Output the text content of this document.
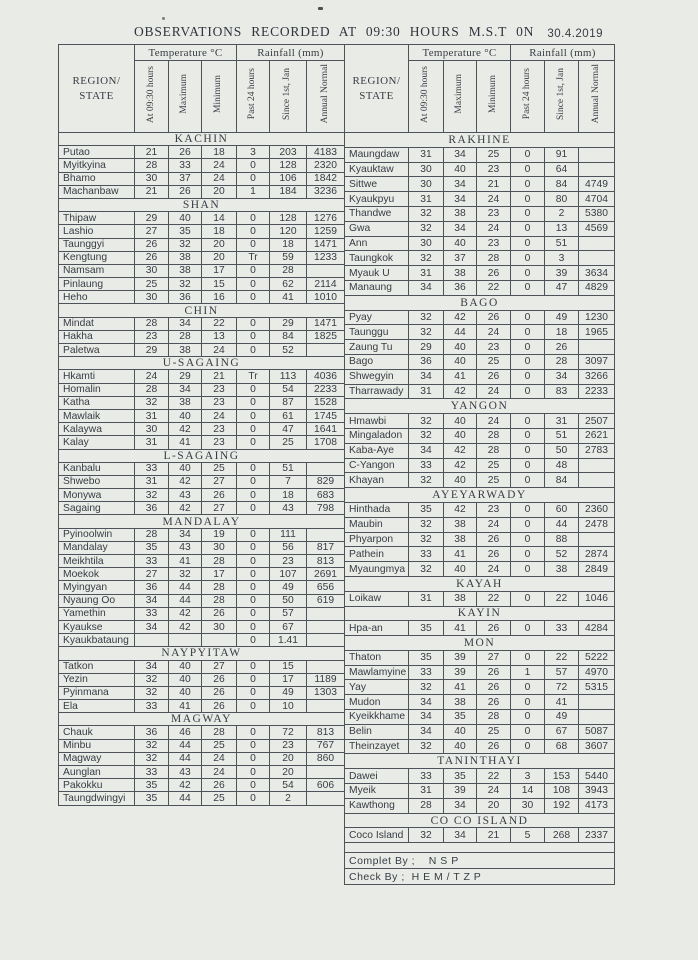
OBSERVATIONS RECORDED AT 09:30 HOURS M.S.T 0N 30.4.2019
REGION/
STATE	Temperature °C			Rainfall (mm)		
	At 09:30 hours	Maximum	Minimum	Past 24 hours	Since 1st, Jan	Annual Normal
KACHIN						
Putao	21	26	18	3	203	4183
Myitkyina	28	33	24	0	128	2320
Bhamo	30	37	24	0	106	1842
Machanbaw	21	26	20	1	184	3236
SHAN						
Thipaw	29	40	14	0	128	1276
Lashio	27	35	18	0	120	1259
Taunggyi	26	32	20	0	18	1471
Kengtung	26	38	20	Tr	59	1233
Namsam	30	38	17	0	28	
Pinlaung	25	32	15	0	62	2114
Heho	30	36	16	0	41	1010
CHIN						
Mindat	28	34	22	0	29	1471
Hakha	23	28	13	0	84	1825
Paletwa	29	38	24	0	52	
U-SAGAING						
Hkamti	24	29	21	Tr	113	4036
Homalin	28	34	23	0	54	2233
Katha	32	38	23	0	87	1528
Mawlaik	31	40	24	0	61	1745
Kalaywa	30	42	23	0	47	1641
Kalay	31	41	23	0	25	1708
L-SAGAING						
Kanbalu	33	40	25	0	51	
Shwebo	31	42	27	0	7	829
Monywa	32	43	26	0	18	683
Sagaing	36	42	27	0	43	798
MANDALAY						
Pyinoolwin	28	34	19	0	111	
Mandalay	35	43	30	0	56	817
Meikhtila	33	41	28	0	23	813
Moekok	27	32	17	0	107	2691
Myingyan	36	44	28	0	49	656
Nyaung Oo	34	44	28	0	50	619
Yamethin	33	42	26	0	57	
Kyaukse	34	42	30	0	67	
Kyaukbataung				0	1.41	
NAYPYITAW						
Tatkon	34	40	27	0	15	
Yezin	32	40	26	0	17	1189
Pyinmana	32	40	26	0	49	1303
Ela	33	41	26	0	10	
MAGWAY						
Chauk	36	46	28	0	72	813
Minbu	32	44	25	0	23	767
Magway	32	44	24	0	20	860
Aunglan	33	43	24	0	20	
Pakokku	35	42	26	0	54	606
Taungdwingyi	35	44	25	0	2	
REGION/
STATE	Temperature °C			Rainfall (mm)		
	At 09:30 hours	Maximum	Minimum	Past 24 hours	Since 1st, Jan	Annual Normal
RAKHINE						
Maungdaw	31	34	25	0	91	
Kyauktaw	30	40	23	0	64	
Sittwe	30	34	21	0	84	4749
Kyaukpyu	31	34	24	0	80	4704
Thandwe	32	38	23	0	2	5380
Gwa	32	34	24	0	13	4569
Ann	30	40	23	0	51	
Taungkok	32	37	28	0	3	
Myauk U	31	38	26	0	39	3634
Manaung	34	36	22	0	47	4829
BAGO						
Pyay	32	42	26	0	49	1230
Taunggu	32	44	24	0	18	1965
Zaung Tu	29	40	23	0	26	
Bago	36	40	25	0	28	3097
Shwegyin	34	41	26	0	34	3266
Tharrawady	31	42	24	0	83	2233
YANGON						
Hmawbi	32	40	24	0	31	2507
Mingaladon	32	40	28	0	51	2621
Kaba-Aye	34	42	28	0	50	2783
C-Yangon	33	42	25	0	48	
Khayan	32	40	25	0	84	
AYEYARWADY						
Hinthada	35	42	23	0	60	2360
Maubin	32	38	24	0	44	2478
Phyarpon	32	38	26	0	88	
Pathein	33	41	26	0	52	2874
Myaungmya	32	40	24	0	38	2849
KAYAH						
Loikaw	31	38	22	0	22	1046
KAYIN						
Hpa-an	35	41	26	0	33	4284
MON						
Thaton	35	39	27	0	22	5222
Mawlamyine	33	39	26	1	57	4970
Yay	32	41	26	0	72	5315
Mudon	34	38	26	0	41	
Kyeikkhame	34	35	28	0	49	
Belin	34	40	25	0	67	5087
Theinzayet	32	40	26	0	68	3607
TANINTHAYI						
Dawei	33	35	22	3	153	5440
Myeik	31	39	24	14	108	3943
Kawthong	28	34	20	30	192	4173
CO CO ISLAND						
Coco Island	32	34	21	5	268	2337

Complet By ;    N S P						
Check By ;  H E M / T Z P						
